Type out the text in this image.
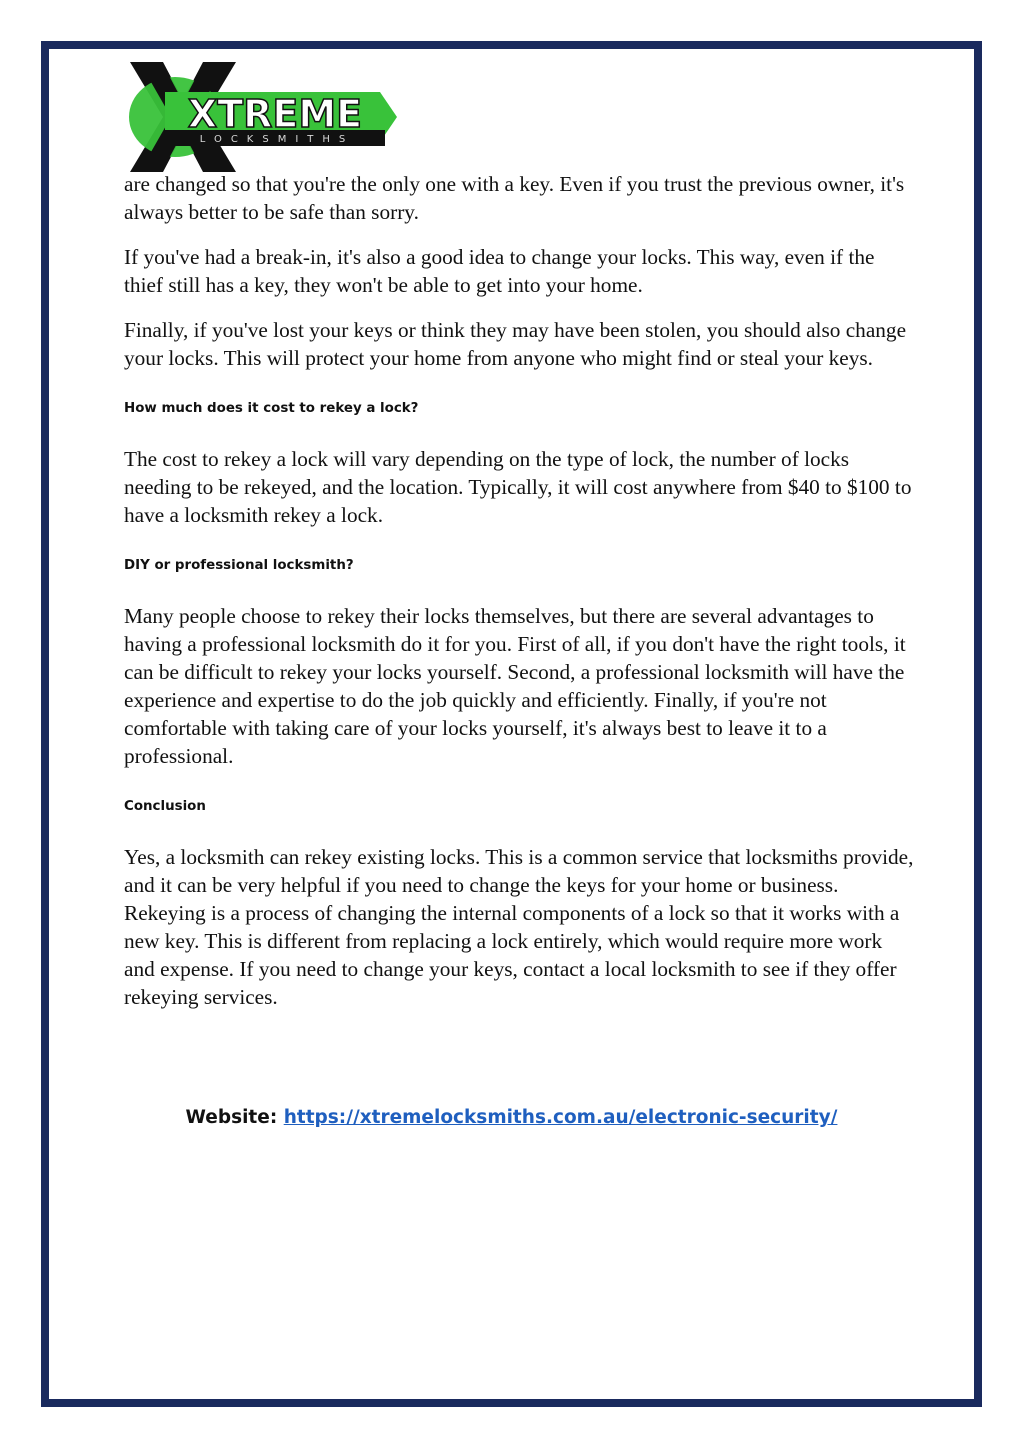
XTREME
LOCKSMITHS

are changed so that you're the only one with a key. Even if you trust the previous owner, it's always better to be safe than sorry.

If you've had a break-in, it's also a good idea to change your locks. This way, even if the thief still has a key, they won't be able to get into your home.

Finally, if you've lost your keys or think they may have been stolen, you should also change your locks. This will protect your home from anyone who might find or steal your keys.

How much does it cost to rekey a lock?

The cost to rekey a lock will vary depending on the type of lock, the number of locks needing to be rekeyed, and the location. Typically, it will cost anywhere from $40 to $100 to have a locksmith rekey a lock.

DIY or professional locksmith?

Many people choose to rekey their locks themselves, but there are several advantages to having a professional locksmith do it for you. First of all, if you don't have the right tools, it can be difficult to rekey your locks yourself. Second, a professional locksmith will have the experience and expertise to do the job quickly and efficiently. Finally, if you're not comfortable with taking care of your locks yourself, it's always best to leave it to a professional.

Conclusion

Yes, a locksmith can rekey existing locks. This is a common service that locksmiths provide, and it can be very helpful if you need to change the keys for your home or business. Rekeying is a process of changing the internal components of a lock so that it works with a new key. This is different from replacing a lock entirely, which would require more work and expense. If you need to change your keys, contact a local locksmith to see if they offer rekeying services.

Website: https://xtremelocksmiths.com.au/electronic-security/
